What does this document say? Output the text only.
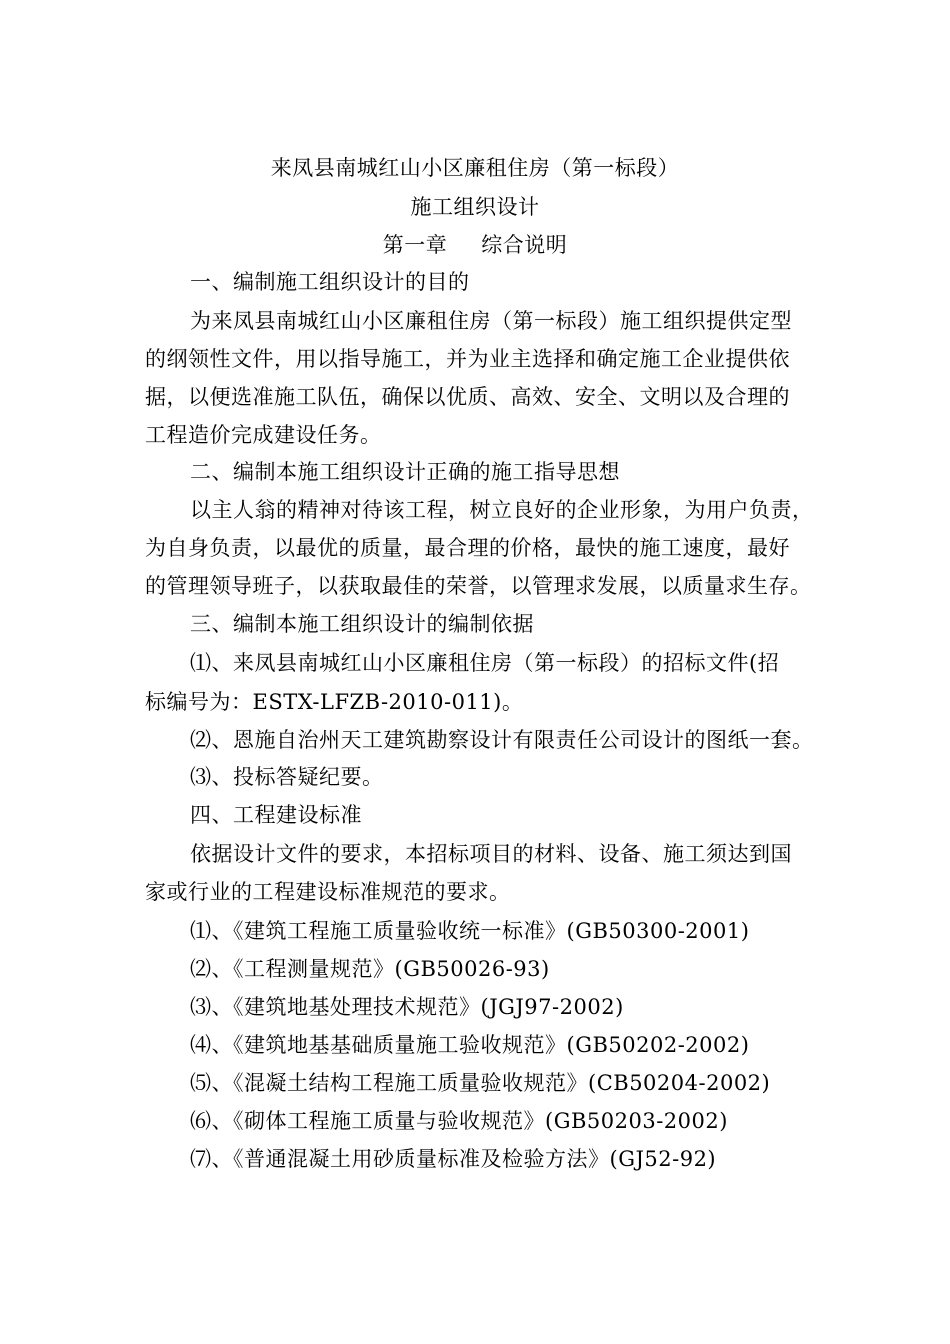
来凤县南城红山小区廉租住房（第一标段）
施工组织设计
第一章 综合说明
一、编制施工组织设计的目的
为来凤县南城红山小区廉租住房（第一标段）施工组织提供定型
的纲领性文件，用以指导施工，并为业主选择和确定施工企业提供依
据，以便选准施工队伍，确保以优质、高效、安全、文明以及合理的
工程造价完成建设任务。
二、编制本施工组织设计正确的施工指导思想
以主人翁的精神对待该工程，树立良好的企业形象，为用户负责，
为自身负责，以最优的质量，最合理的价格，最快的施工速度，最好
的管理领导班子，以获取最佳的荣誉，以管理求发展，以质量求生存。
三、编制本施工组织设计的编制依据
⑴、来凤县南城红山小区廉租住房（第一标段）的招标文件(招
标编号为：ESTX-LFZB-2010-011)。
⑵、恩施自治州天工建筑勘察设计有限责任公司设计的图纸一套。
⑶、投标答疑纪要。
四、工程建设标准
依据设计文件的要求，本招标项目的材料、设备、施工须达到国
家或行业的工程建设标准规范的要求。
⑴、《建筑工程施工质量验收统一标准》(GB50300-2001)
⑵、《工程测量规范》(GB50026-93)
⑶、《建筑地基处理技术规范》(JGJ97-2002)
⑷、《建筑地基基础质量施工验收规范》(GB50202-2002)
⑸、《混凝土结构工程施工质量验收规范》(CB50204-2002)
⑹、《砌体工程施工质量与验收规范》(GB50203-2002)
⑺、《普通混凝土用砂质量标准及检验方法》(GJ52-92)
